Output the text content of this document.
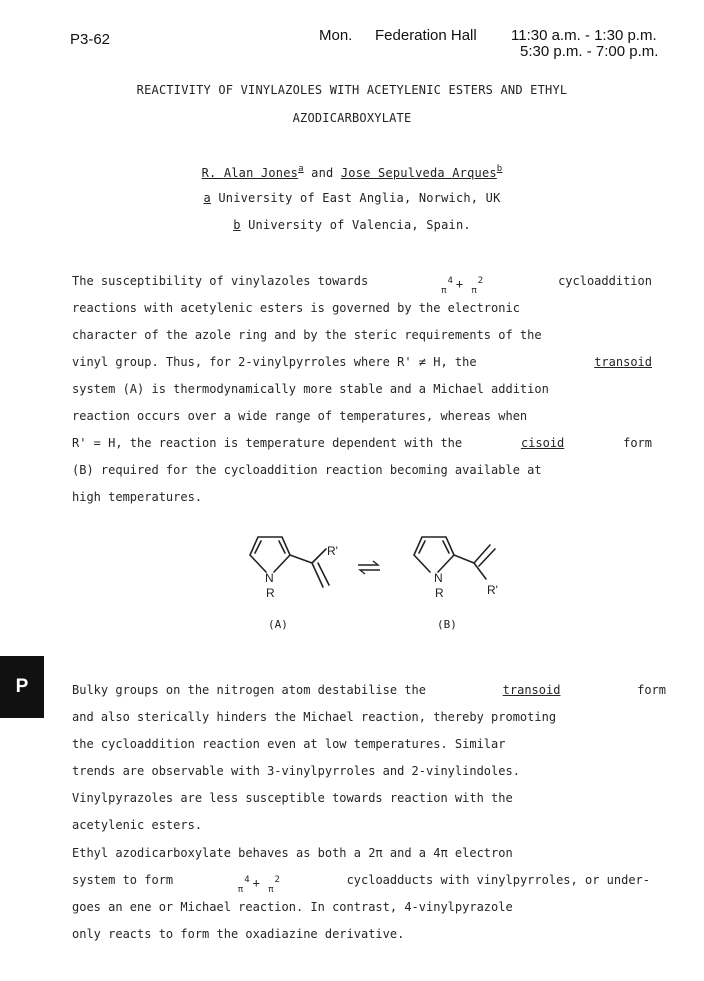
P3-62	Mon. Federation Hall 11:30 a.m. - 1:30 p.m.
5:30 p.m. - 7:00 p.m.
REACTIVITY OF VINYLAZOLES WITH ACETYLENIC ESTERS AND ETHYL
AZODICARBOXYLATE
R. Alan Jones$^a$ and Jose Sepulveda Arques$^b$
a University of East Anglia, Norwich, UK
b University of Valencia, Spain.
The susceptibility of vinylazoles towards
$_\pi^4$ + $_\pi^2$	cycloaddition
reactions with acetylenic esters is governed by the electronic
character of the azole ring and by the steric requirements of the
vinyl group. Thus, for 2-vinylpyrroles where R' ≠ H, the	transoid
system (A) is thermodynamically more stable and a Michael addition
reaction occurs over a wide range of temperatures, whereas when
R' = H, the reaction is temperature dependent with the	cisoid	form
(B) required for the cycloaddition reaction becoming available at
high temperatures.
N
R
R'
N
R	R'
(A)	(B)
P	Bulky groups on the nitrogen atom destabilise the	transoid	form
and also sterically hinders the Michael reaction, thereby promoting
the cycloaddition reaction even at low temperatures. Similar
trends are observable with 3-vinylpyrroles and 2-vinylindoles.
Vinylpyrazoles are less susceptible towards reaction with the
acetylenic esters.
Ethyl azodicarboxylate behaves as both a 2π and a 4π electron
system to form
$_\pi^4$ + $_\pi^2$	cycloadducts with vinylpyrroles, or under-
goes an ene or Michael reaction. In contrast, 4-vinylpyrazole
only reacts to form the oxadiazine derivative.
